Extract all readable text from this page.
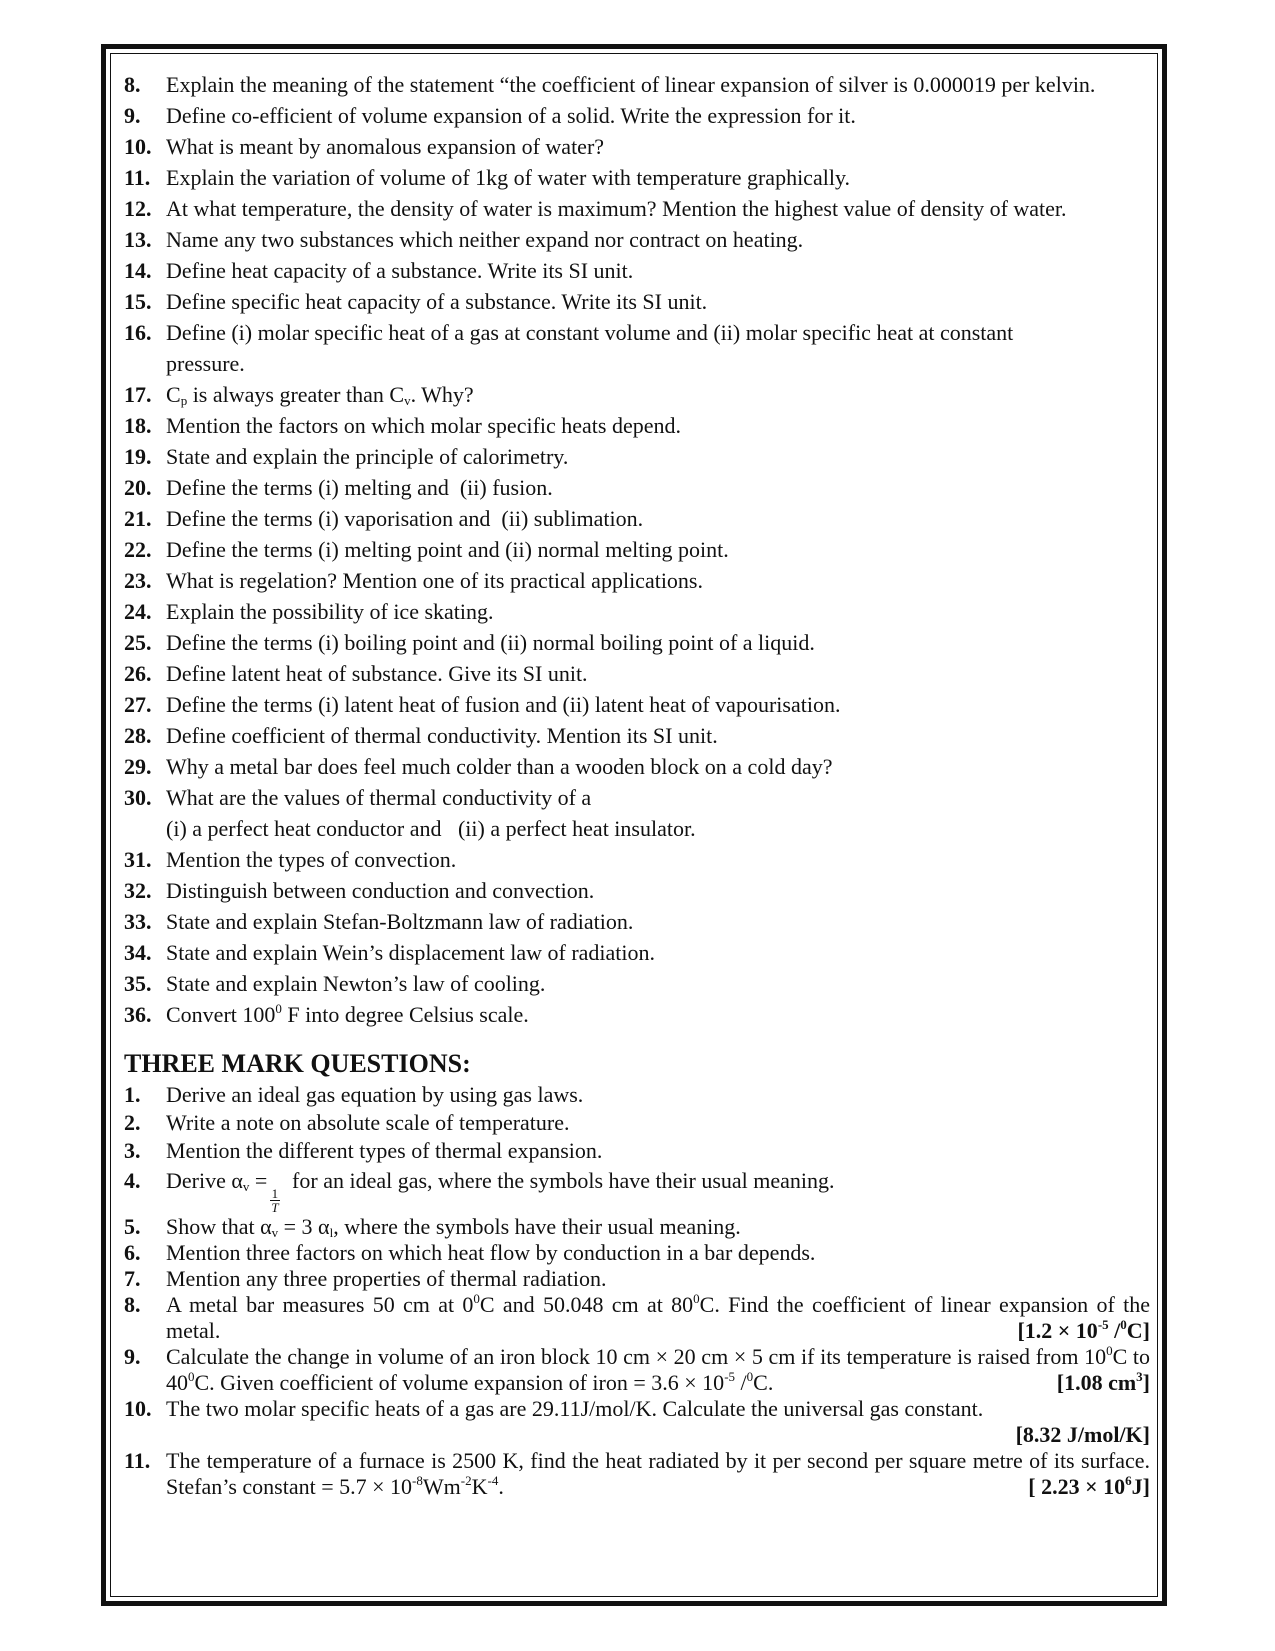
8.	Explain the meaning of the statement “the coefficient of linear expansion of silver is 0.000019 per kelvin.
9.	Define co-efficient of volume expansion of a solid. Write the expression for it.
10. What is meant by anomalous expansion of water?
11. Explain the variation of volume of 1kg of water with temperature graphically.
12. At what temperature, the density of water is maximum? Mention the highest value of density of water.
13. Name any two substances which neither expand nor contract on heating.
14. Define heat capacity of a substance. Write its SI unit.
15. Define specific heat capacity of a substance. Write its SI unit.
16. Define (i) molar specific heat of a gas at constant volume and (ii) molar specific heat at constant
pressure.
17. $C_p$ is always greater than $C_v$. Why?
18. Mention the factors on which molar specific heats depend.
19. State and explain the principle of calorimetry.
20. Define the terms (i) melting and  (ii) fusion.
21. Define the terms (i) vaporisation and  (ii) sublimation.
22. Define the terms (i) melting point and (ii) normal melting point.
23. What is regelation? Mention one of its practical applications.
24. Explain the possibility of ice skating.
25. Define the terms (i) boiling point and (ii) normal boiling point of a liquid.
26. Define latent heat of substance. Give its SI unit.
27. Define the terms (i) latent heat of fusion and (ii) latent heat of vapourisation.
28. Define coefficient of thermal conductivity. Mention its SI unit.
29. Why a metal bar does feel much colder than a wooden block on a cold day?
30. What are the values of thermal conductivity of a
(i) a perfect heat conductor and   (ii) a perfect heat insulator.
31. Mention the types of convection.
32. Distinguish between conduction and convection.
33. State and explain Stefan-Boltzmann law of radiation.
34. State and explain Wein’s displacement law of radiation.
35. State and explain Newton’s law of cooling.
36. Convert $100^0$ F into degree Celsius scale.
THREE MARK QUESTIONS:
1.	Derive an ideal gas equation by using gas laws.
2.	Write a note on absolute scale of temperature.
3.	Mention the different types of thermal expansion.
4.	Derive $\alpha_v$ =
$\frac{1}{T}$
for an ideal gas, where the symbols have their usual meaning.
5.	Show that $\alpha_v = 3$ $\alpha_l$, where the symbols have their usual meaning.
6.	Mention three factors on which heat flow by conduction in a bar depends.
7.	Mention any three properties of thermal radiation.
8.	A metal bar measures 50 cm at $0^0C$ and 50.048 cm at $80^0C$. Find the coefficient of linear expansion of the metal.	[$1.2 \times 10^{-5}$ /$^0$C]
9.	Calculate the change in volume of an iron block 10 cm × 20 cm × 5 cm if its temperature is raised from $10^0C$ to $40^0C$. Given coefficient of volume expansion of iron = $3.6 \times 10^{-5}$ /$^0$C.	[1.08 $cm^3$]
10. The two molar specific heats of a gas are 29.11J/mol/K. Calculate the universal gas constant.
[8.32 J/mol/K]
11. The temperature of a furnace is 2500 K, find the heat radiated by it per second per square metre of its surface. Stefan’s constant = $5.7 \times 10^{-8}Wm^{-2}K^{-4}$.	[ $2.23 \times 10^6J$]
